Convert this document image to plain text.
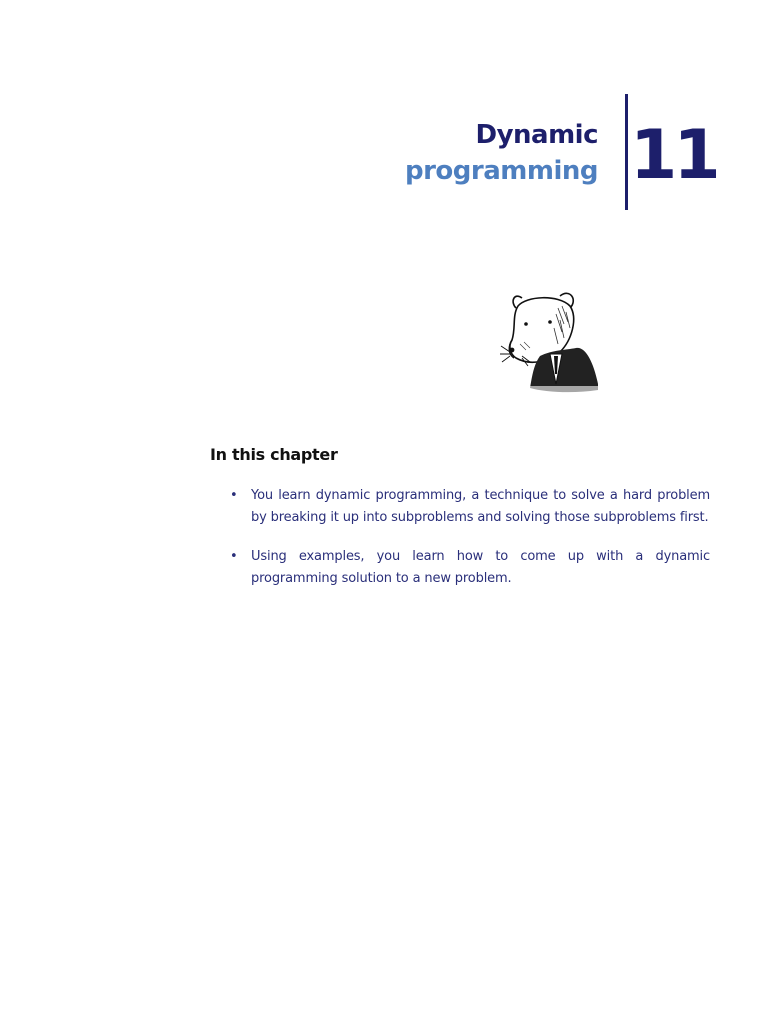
Dynamic
programming 11
In this chapter
• You learn dynamic programming, a technique to solve a hard problem by breaking it up into subproblems and solving those subproblems first.
• Using examples, you learn how to come up with a dynamic programming solution to a new problem.
